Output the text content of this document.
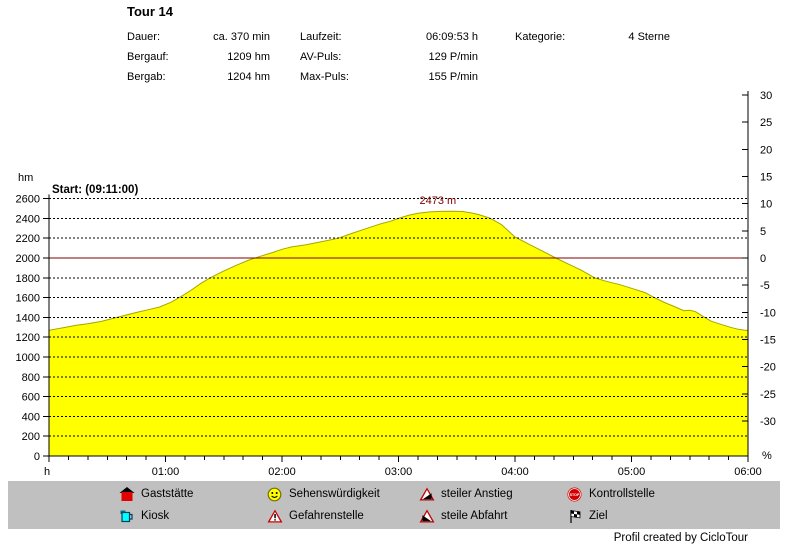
Tour 14
Dauer:	ca. 370 min
Bergauf:	1209 hm
Bergab:	1204 hm
Laufzeit:	06:09:53 h
AV-Puls:	129 P/min
Max-Puls:	155 P/min
Kategorie:	4 Sterne
0
200
400
600
800
1000
1200
1400
1600
1800
2000
2200
2400
2600
hm
30
25
20
15
10
5
0
-5
-10
-15
-20
-25
-30
%
01:00	02:00	03:00	04:00	05:00	06:00
h
Start: (09:11:00)
2473 m
Gaststätte
Kiosk
Sehenswürdigkeit
Gefahrenstelle
steiler Anstieg
steile Abfahrt
STOP Kontrollstelle
Ziel
Profil created by CicloTour
